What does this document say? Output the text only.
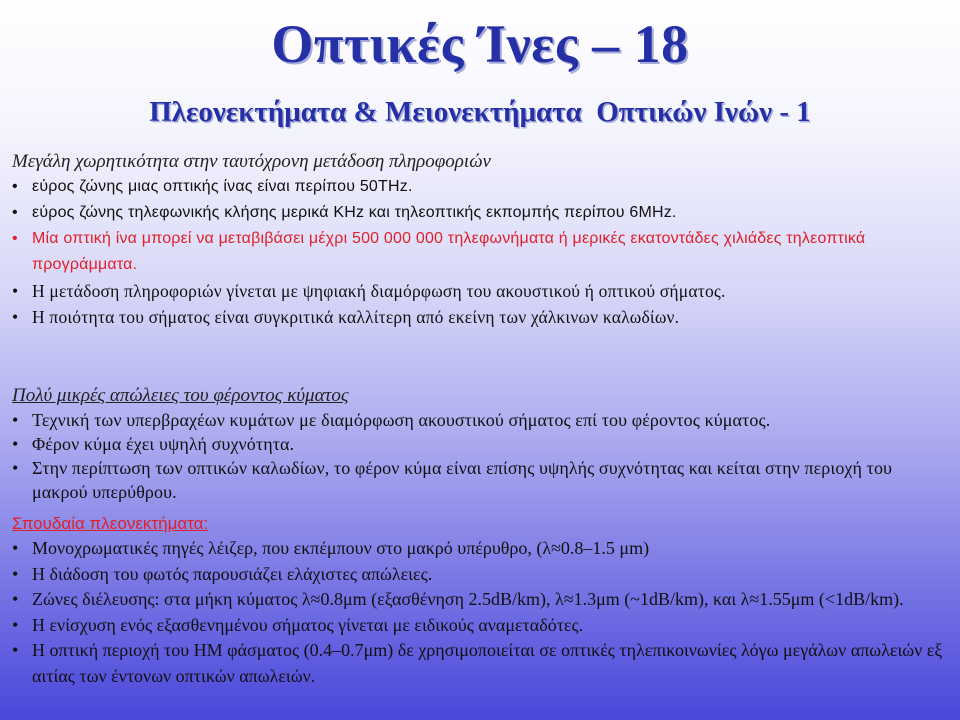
Οπτικές Ίνες – 18
Πλεονεκτήματα & Μειονεκτήματα  Οπτικών Ινών - 1
Μεγάλη χωρητικότητα στην ταυτόχρονη μετάδοση πληροφοριών
• εύρος ζώνης μιας οπτικής ίνας είναι περίπου 50THz.
• εύρος ζώνης τηλεφωνικής κλήσης μερικά KHz και τηλεοπτικής εκπομπής περίπου 6MHz.
• Μία οπτική ίνα μπορεί να μεταβιβάσει μέχρι 500 000 000 τηλεφωνήματα ή μερικές εκατοντάδες χιλιάδες τηλεοπτικά προγράμματα.
• Η μετάδοση πληροφοριών γίνεται με ψηφιακή διαμόρφωση του ακουστικού ή οπτικού σήματος.
• Η ποιότητα του σήματος είναι συγκριτικά καλλίτερη από εκείνη των χάλκινων καλωδίων.
Πολύ μικρές απώλειες του φέροντος κύματος
• Τεχνική των υπερβραχέων κυμάτων με διαμόρφωση ακουστικού σήματος επί του φέροντος κύματος.
• Φέρον κύμα έχει υψηλή συχνότητα.
• Στην περίπτωση των οπτικών καλωδίων, το φέρον κύμα είναι επίσης υψηλής συχνότητας και κείται στην περιοχή του μακρού υπερύθρου.
Σπουδαία πλεονεκτήματα:
• Μονοχρωματικές πηγές λέιζερ, που εκπέμπουν στο μακρό υπέρυθρο, (λ≈0.8–1.5 μm)
• Η διάδοση του φωτός παρουσιάζει ελάχιστες απώλειες.
• Ζώνες διέλευσης: στα μήκη κύματος λ≈0.8μm (εξασθένηση 2.5dB/km), λ≈1.3μm (~1dB/km), και λ≈1.55μm (<1dB/km).
• Η ενίσχυση ενός εξασθενημένου σήματος γίνεται με ειδικούς αναμεταδότες.
• Η οπτική περιοχή του ΗΜ φάσματος (0.4–0.7μm) δε χρησιμοποιείται σε οπτικές τηλεπικοινωνίες λόγω μεγάλων απωλειών εξ αιτίας των έντονων οπτικών απωλειών.
